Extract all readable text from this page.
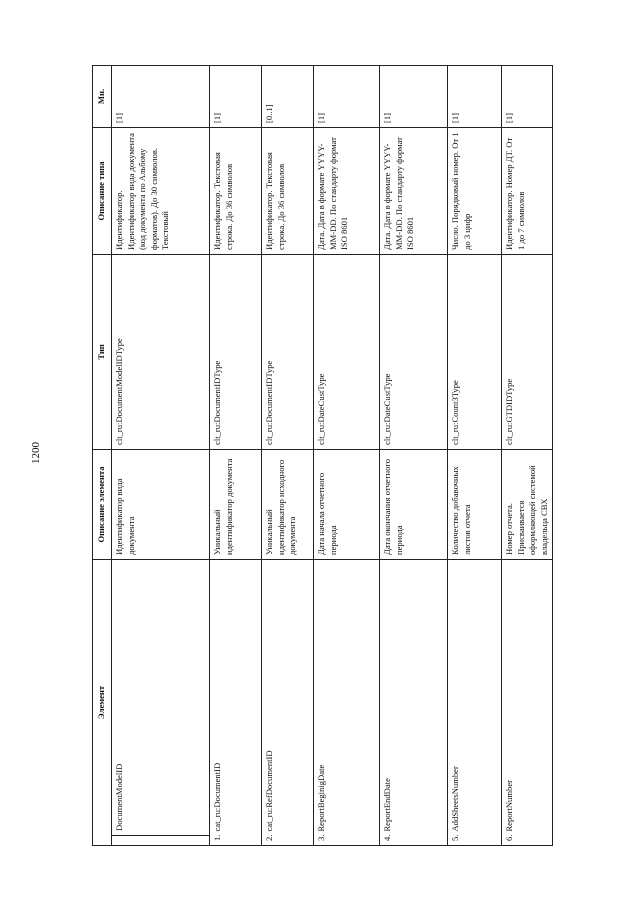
1200
Элемент		Описание элемента	Тип	Описание типа	Мн.
	DocumentModelID	Идентификатор вида документа	clt_ru:DocumentModelIDType	Идентификатор. Идентификатор вида документа (код документа по Альбому форматов). До 30 символов. Текстовый	[1]
1.cat_ru:DocumentID		Уникальный идентификатор документа	clt_ru:DocumentIDType	Идентификатор. Текстовая строка. До 36 символов	[1]
2.cat_ru:RefDocumentID		Уникальный идентификатор исходного документа	clt_ru:DocumentIDType	Идентификатор. Текстовая строка. До 36 символов	[0..1]
3.ReportBeginigDate		Дата начала отчетного периода	clt_ru:DateCustType	Дата. Дата в формате YYYY-MM-DD. По стандарту формат ISO 8601	[1]
4.ReportEndDate		Дата окончания отчетного периода	clt_ru:DateCustType	Дата. Дата в формате YYYY-MM-DD. По стандарту формат ISO 8601	[1]
5.AddSheetsNumber		Количество добавочных листов отчета	clt_ru:Count3Type	Число. Порядковый номер. От 1 до 3 цифр	[1]
6.ReportNumber		Номер отчета. Присваивается оформляющей системой владельца СВХ	clt_ru:GTDIDType	Идентификатор. Номер ДТ. От 1 до 7 символов	[1]
